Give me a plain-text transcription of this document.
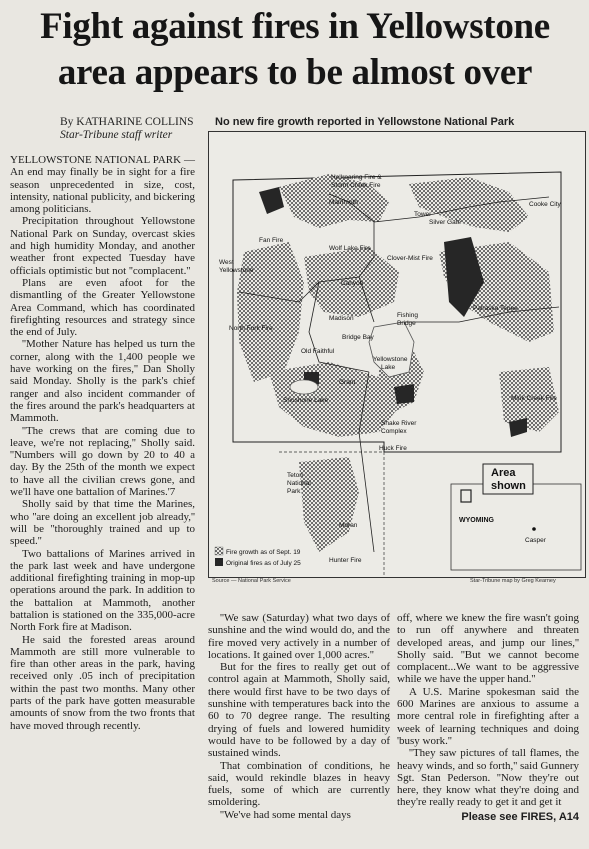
Fight against fires in Yellowstone area appears to be almost over
By KATHARINE COLLINS
Star-Tribune staff writer

YELLOWSTONE NATIONAL PARK — An end may finally be in sight for a fire season unprecedented in size, cost, intensity, national publicity, and bickering among politicians.

Precipitation throughout Yellowstone National Park on Sunday, overcast skies and high humidity Monday, and another weather front expected Tuesday have officials optimistic but not ''complacent.''

Plans are even afoot for the dismantling of the Greater Yellowstone Area Command, which has coordinated firefighting resources and strategy since the end of July.

''Mother Nature has helped us turn the corner, along with the 1,400 people we have working on the fires,'' Dan Sholly said Monday. Sholly is the park's chief ranger and also incident commander of the fires around the park's headquarters at Mammoth.

''The crews that are coming due to leave, we're not replacing,'' Sholly said. ''Numbers will go down by 20 to 40 a day. By the 25th of the month we expect to have all the civilian crews gone, and we'll have one battalion of Marines.'7

Sholly said by that time the Marines, who ''are doing an excellent job already,'' will be ''thoroughly trained and up to speed.''

Two battalions of Marines arrived in the park last week and have undergone additional firefighting training in mop-up operations around the park. In addition to the battalion at Mammoth, another battalion is stationed on the 335,000-acre North Fork fire at Madison.

He said the forested areas around Mammoth are still more vulnerable to fire than other areas in the park, having received only .05 inch of precipitation within the past two months. Many other parts of the park have gotten measurable amounts of snow from the two fronts that have moved through recently.

No new fire growth reported in Yellowstone National Park
Hellroaring Fire &
Storm Creek Fire
Mammoth	Cooke City
Tower
Silver Gate
Fan Fire
Wolf Lake Fire
West
Yellowstone
Clover-Mist Fire
Canyon
Madison
North Fork Fire
Fishing
Bridge
Bridge Bay
Pahaska Tepee
Old Faithful
Yellowstone
Lake
Grant
Shoshone Lake	Mink Creek Fire
Snake River
Complex
Huck Fire
Area
shown
Teton
National
Park
WYOMING
Casper
Moran
Hunter Fire
Fire growth as of Sept. 19
Original fires as of July 25
Source — National Park Service	Star-Tribune map by Greg Kearney

''We saw (Saturday) what two days of sunshine and the wind would do, and the fire moved very actively in a number of locations. It gained over 1,000 acres.''

But for the fires to really get out of control again at Mammoth, Sholly said, there would first have to be two days of sunshine with temperatures back into the 60 to 70 degree range. The resulting drying of fuels and lowered humidity would have to be followed by a day of sustained winds.

That combination of conditions, he said, would rekindle blazes in heavy fuels, some of which are currently smoldering.

''We've had some mental days

off, where we knew the fire wasn't going to run off anywhere and threaten developed areas, and jump our lines,'' Sholly said. ''But we cannot become complacent...We want to be aggressive while we have the upper hand.''

A U.S. Marine spokesman said the 600 Marines are anxious to assume a more central role in firefighting after a week of learning techniques and doing 'busy work.''

''They saw pictures of tall flames, the heavy winds, and so forth,'' said Gunnery Sgt. Stan Pederson. ''Now they're out here, they know what they're doing and they're really ready to get it and get it

Please see FIRES, A14
